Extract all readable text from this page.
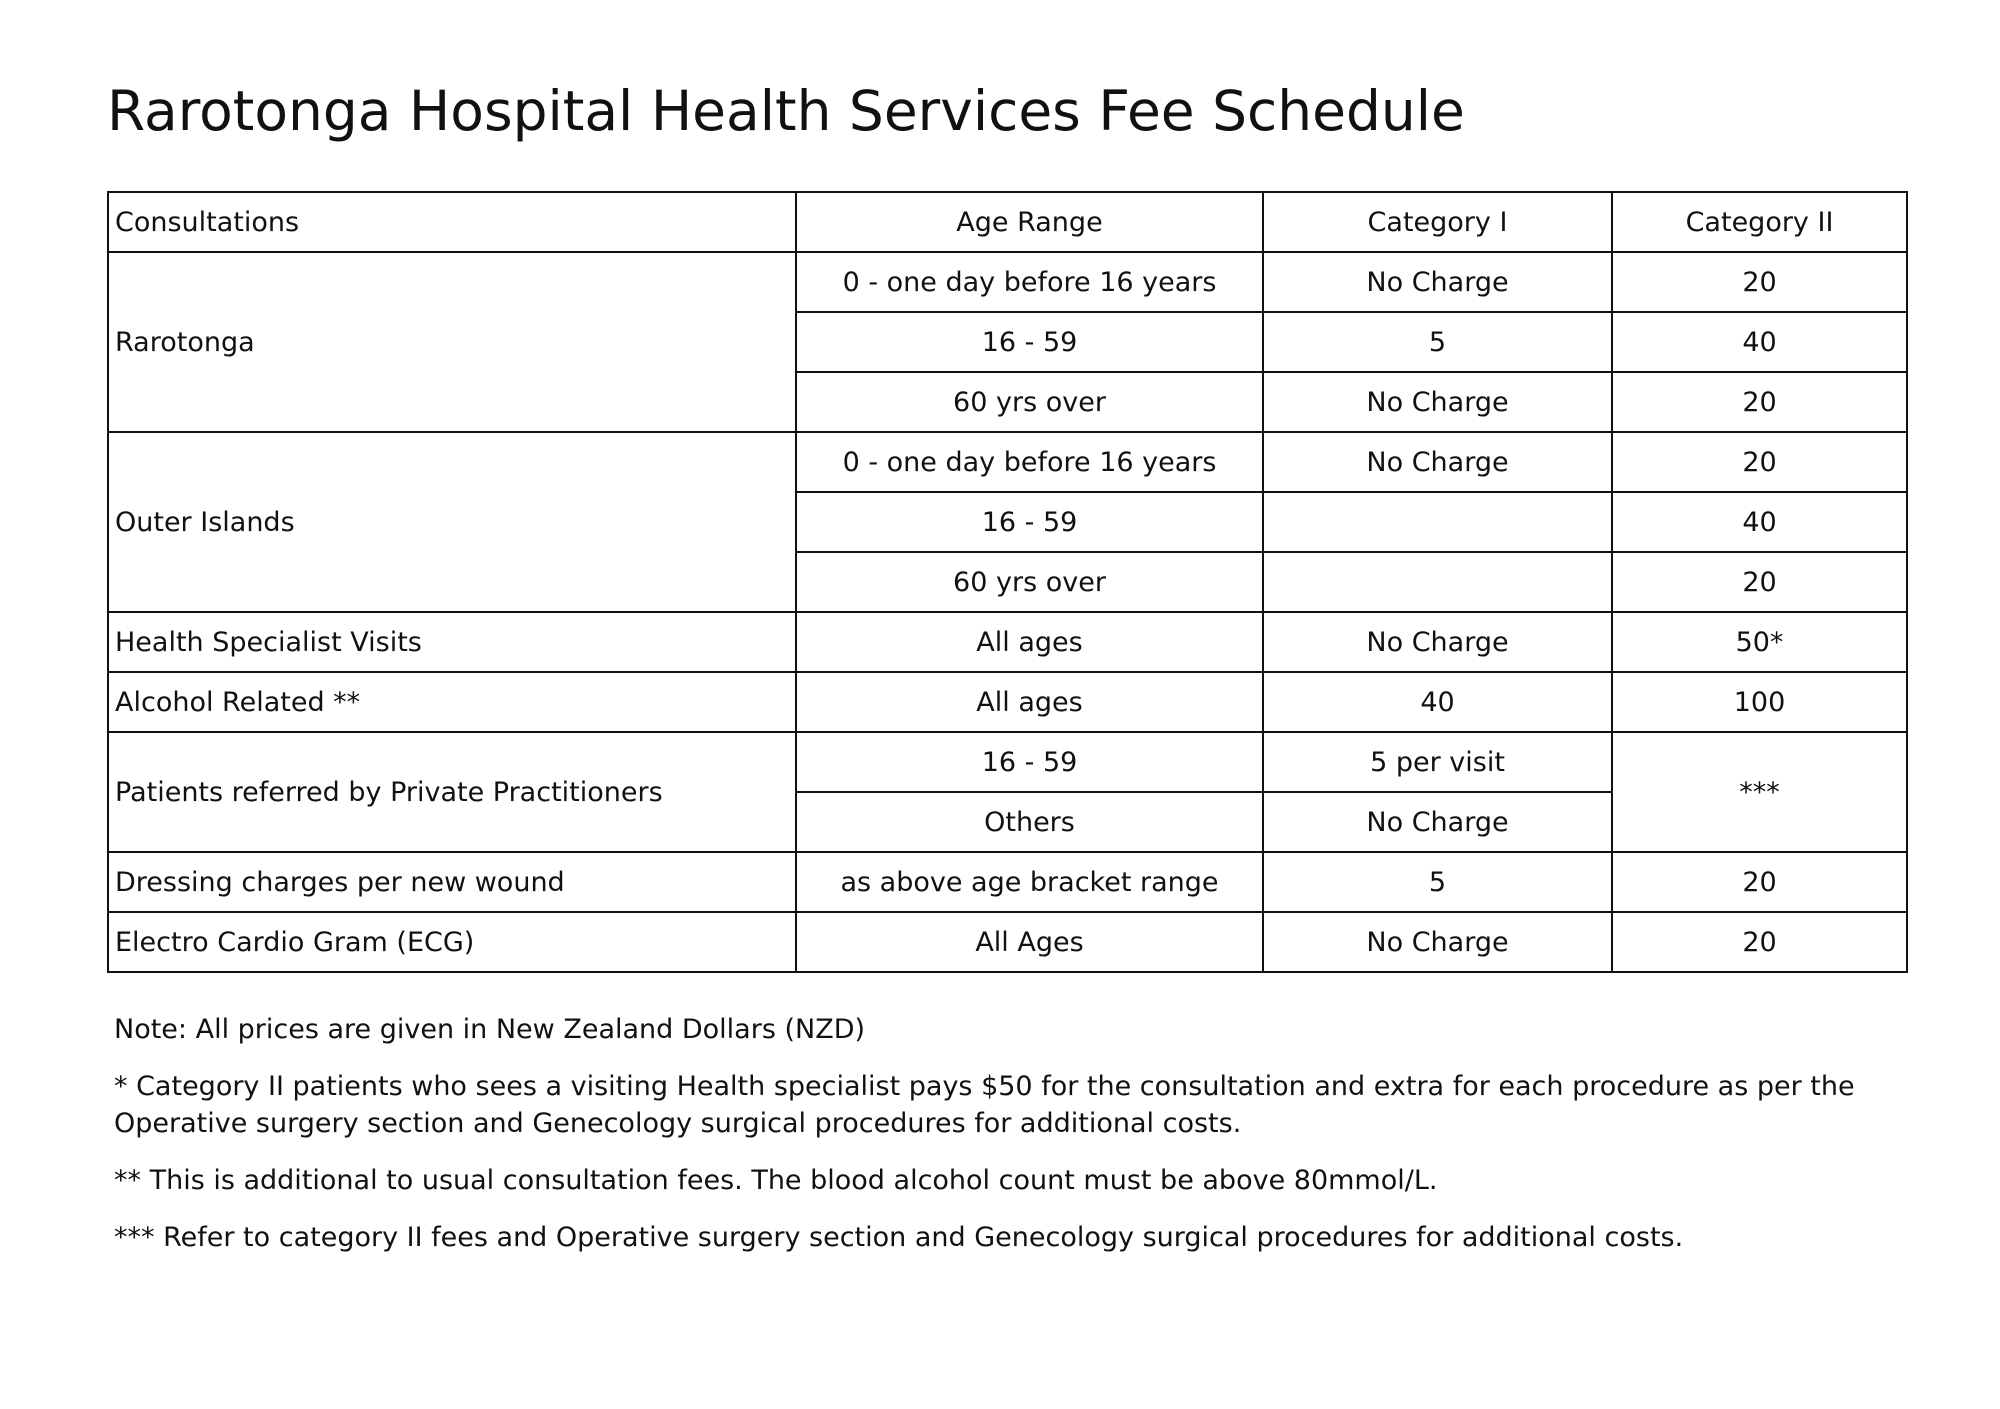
Rarotonga Hospital Health Services Fee Schedule
Consultations	Age Range	Category I	Category II
Rarotonga	0 - one day before 16 years	No Charge	20
	16 - 59	5	40
	60 yrs over	No Charge	20
Outer Islands	0 - one day before 16 years	No Charge	20
	16 - 59		40
	60 yrs over		20
Health Specialist Visits	All ages	No Charge	50*
Alcohol Related **	All ages	40	100
Patients referred by Private Practitioners	16 - 59	5 per visit	***
	Others	No Charge	
Dressing charges per new wound	as above age bracket range	5	20
Electro Cardio Gram (ECG)	All Ages	No Charge	20

Note: All prices are given in New Zealand Dollars (NZD)

* Category II patients who sees a visiting Health specialist pays $50 for the consultation and extra for each procedure as per the Operative surgery section and Genecology surgical procedures for additional costs.

** This is additional to usual consultation fees. The blood alcohol count must be above 80mmol/L.

*** Refer to category II fees and Operative surgery section and Genecology surgical procedures for additional costs.
